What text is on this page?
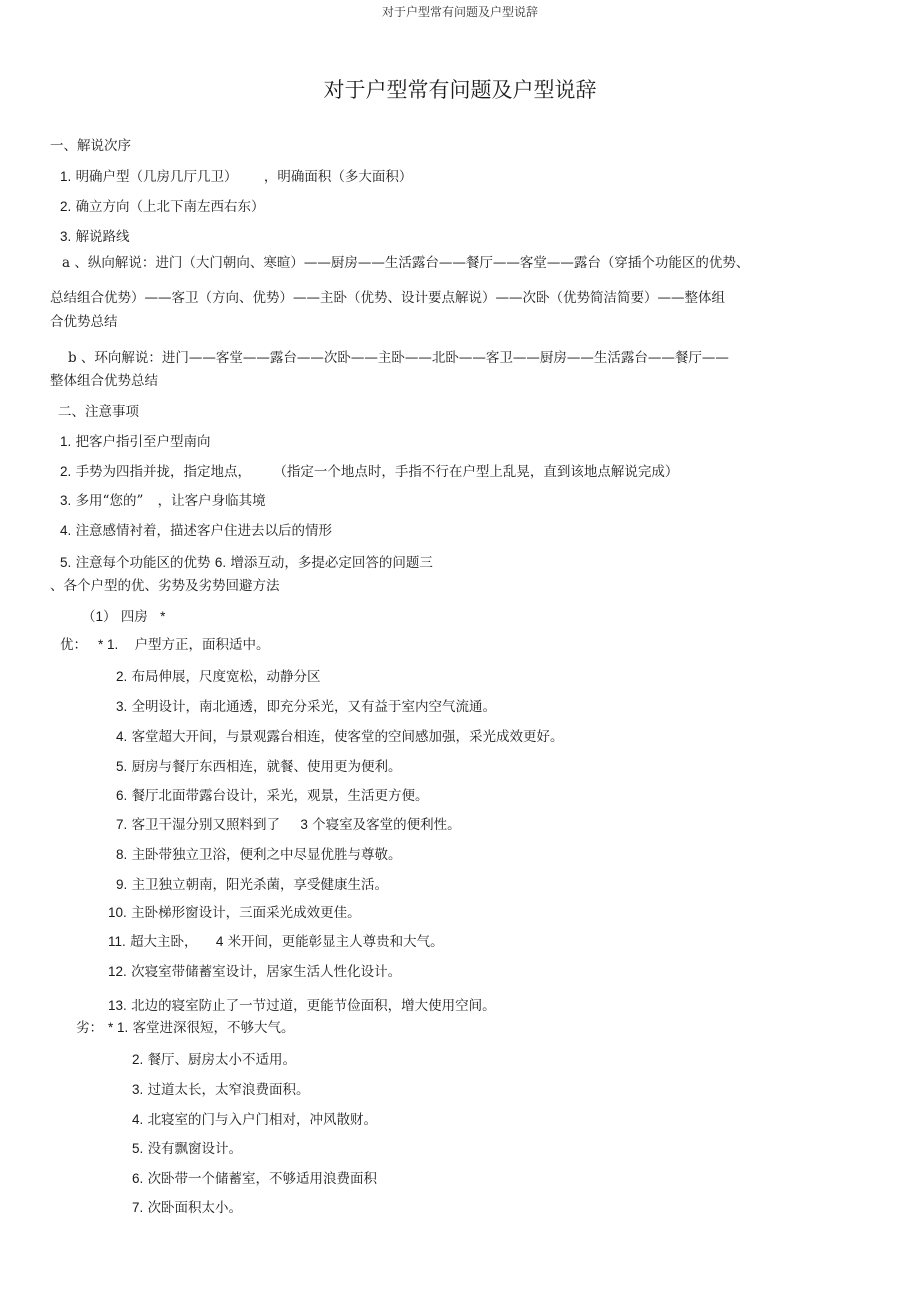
对于户型常有问题及户型说辞
对于户型常有问题及户型说辞
一、解说次序
1. 明确户型（几房几厅几卫） ，明确面积（多大面积）
2. 确立方向（上北下南左西右东）
3. 解说路线
a 、纵向解说：进门（大门朝向、寒暄）——厨房——生活露台——餐厅——客堂——露台（穿插个功能区的优势、
总结组合优势）——客卫（方向、优势）——主卧（优势、设计要点解说）——次卧（优势简洁简要）——整体组
合优势总结
b 、环向解说：进门——客堂——露台——次卧——主卧——北卧——客卫——厨房——生活露台——餐厅——
整体组合优势总结
二、注意事项
1. 把客户指引至户型南向
2. 手势为四指并拢，指定地点， （指定一个地点时，手指不行在户型上乱晃，直到该地点解说完成）
3. 多用“您的” ，让客户身临其境
4. 注意感情衬着，描述客户住进去以后的情形
5. 注意每个功能区的优势 6. 增添互动，多提必定回答的问题三
、各个户型的优、劣势及劣势回避方法
（1） 四房 *
优： * 1. 户型方正，面积适中。
2. 布局伸展，尺度宽松，动静分区
3. 全明设计，南北通透，即充分采光，又有益于室内空气流通。
4. 客堂超大开间，与景观露台相连，使客堂的空间感加强，采光成效更好。
5. 厨房与餐厅东西相连，就餐、使用更为便利。
6. 餐厅北面带露台设计，采光，观景，生活更方便。
7. 客卫干湿分别又照料到了 3 个寝室及客堂的便利性。
8. 主卧带独立卫浴，便利之中尽显优胜与尊敬。
9. 主卫独立朝南，阳光杀菌，享受健康生活。
10. 主卧梯形窗设计，三面采光成效更佳。
11. 超大主卧， 4 米开间，更能彰显主人尊贵和大气。
12. 次寝室带储蓄室设计，居家生活人性化设计。
13. 北边的寝室防止了一节过道，更能节俭面积，增大使用空间。
劣： * 1. 客堂进深很短，不够大气。
2. 餐厅、厨房太小不适用。
3. 过道太长，太窄浪费面积。
4. 北寝室的门与入户门相对，冲风散财。
5. 没有飘窗设计。
6. 次卧带一个储蓄室，不够适用浪费面积
7. 次卧面积太小。
